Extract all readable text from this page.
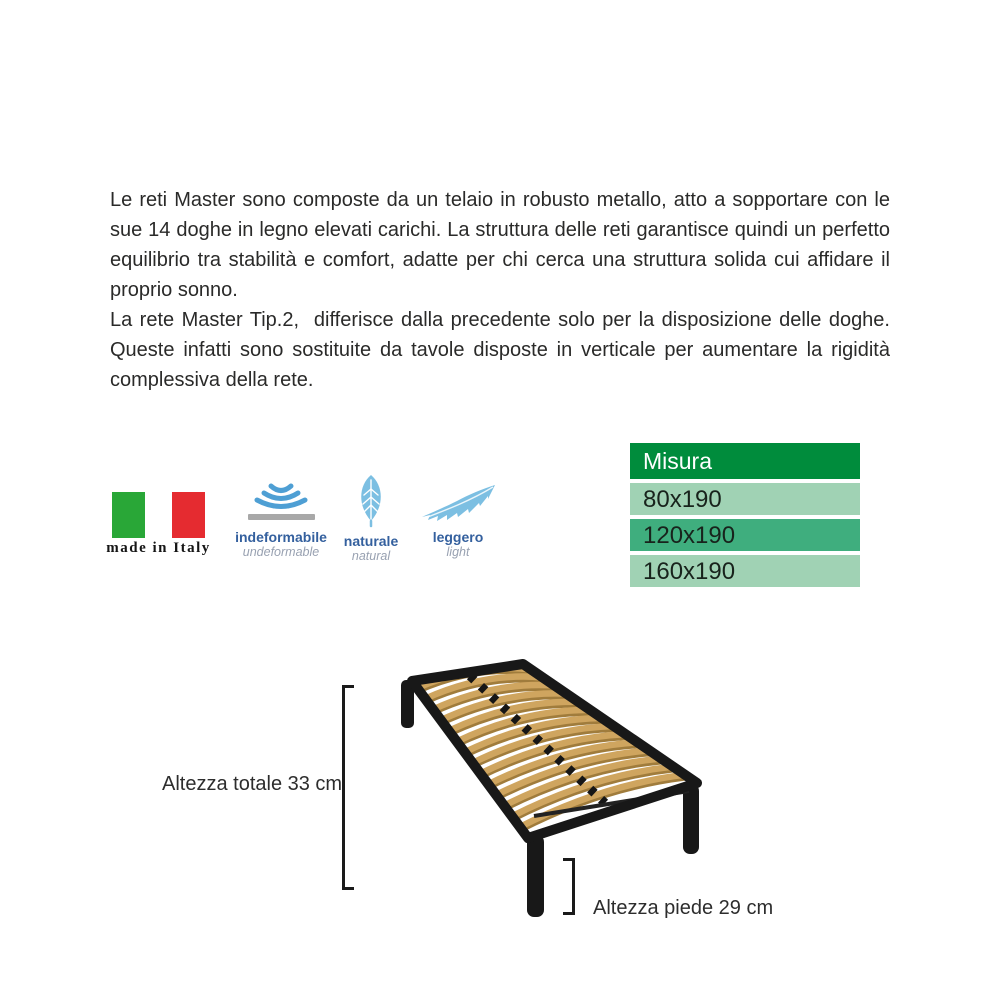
Le reti Master sono composte da un telaio in robusto metallo, atto a sopportare con le sue 14 doghe in legno elevati carichi. La struttura delle reti garantisce quindi un perfetto equilibrio tra stabilità e comfort, adatte per chi cerca una struttura solida cui affidare il proprio sonno.

La rete Master Tip.2,  differisce dalla precedente solo per la disposizione delle doghe. Queste infatti sono sostituite da tavole disposte in verticale per aumentare la rigidità complessiva della rete.

made in Italy
indeformabile
undeformable
naturale
natural
leggero
light
Misura
80x190
120x190
160x190
Altezza totale 33 cm
Altezza piede 29 cm
